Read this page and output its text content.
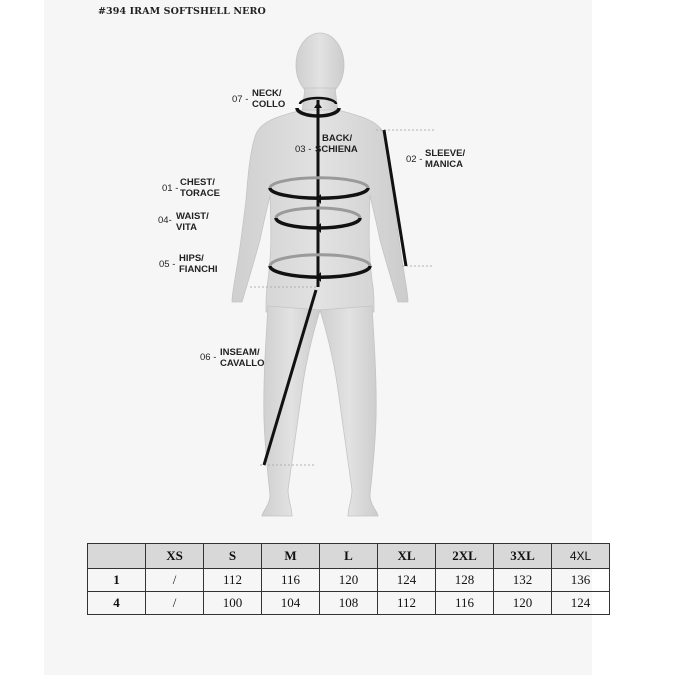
#394 IRAM SOFTSHELL NERO
07 -
NECK/
COLLO
BACK/
03 - SCHIENA
02 -
SLEEVE/
MANICA
01 -
CHEST/
TORACE
04- WAIST/
VITA
05 -
HIPS/
FIANCHI
06 - INSEAM/
CAVALLO
	XS	S	M	L	XL	2XL	3XL	4XL
1	/	112	116	120	124	128	132	136
4	/	100	104	108	112	116	120	124
